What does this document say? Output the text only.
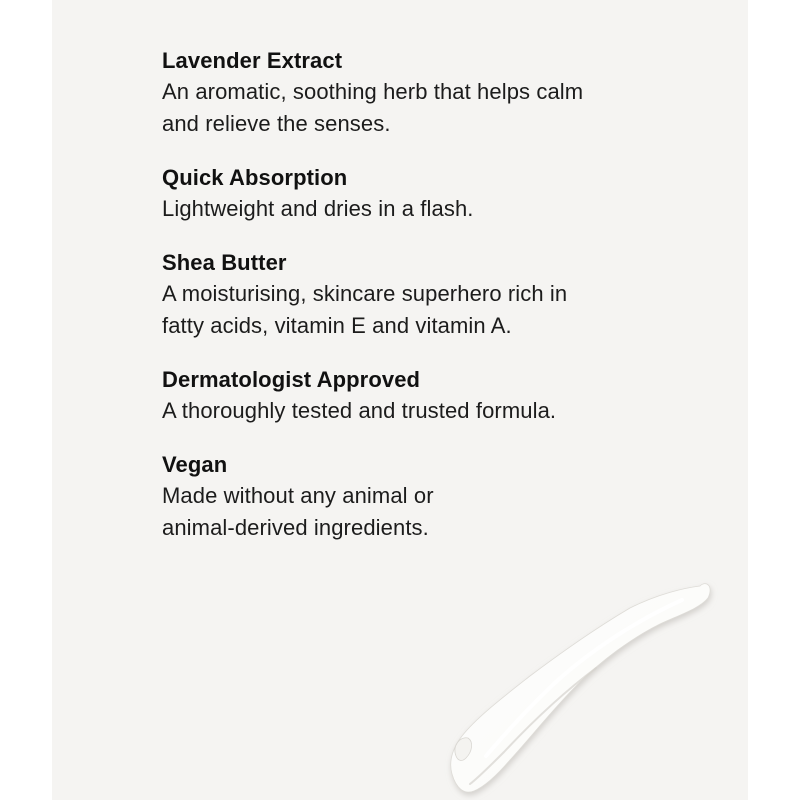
Lavender Extract
An aromatic, soothing herb that helps calm
and relieve the senses.
Quick Absorption
Lightweight and dries in a flash.
Shea Butter
A moisturising, skincare superhero rich in
fatty acids, vitamin E and vitamin A.
Dermatologist Approved
A thoroughly tested and trusted formula.
Vegan
Made without any animal or
animal-derived ingredients.
